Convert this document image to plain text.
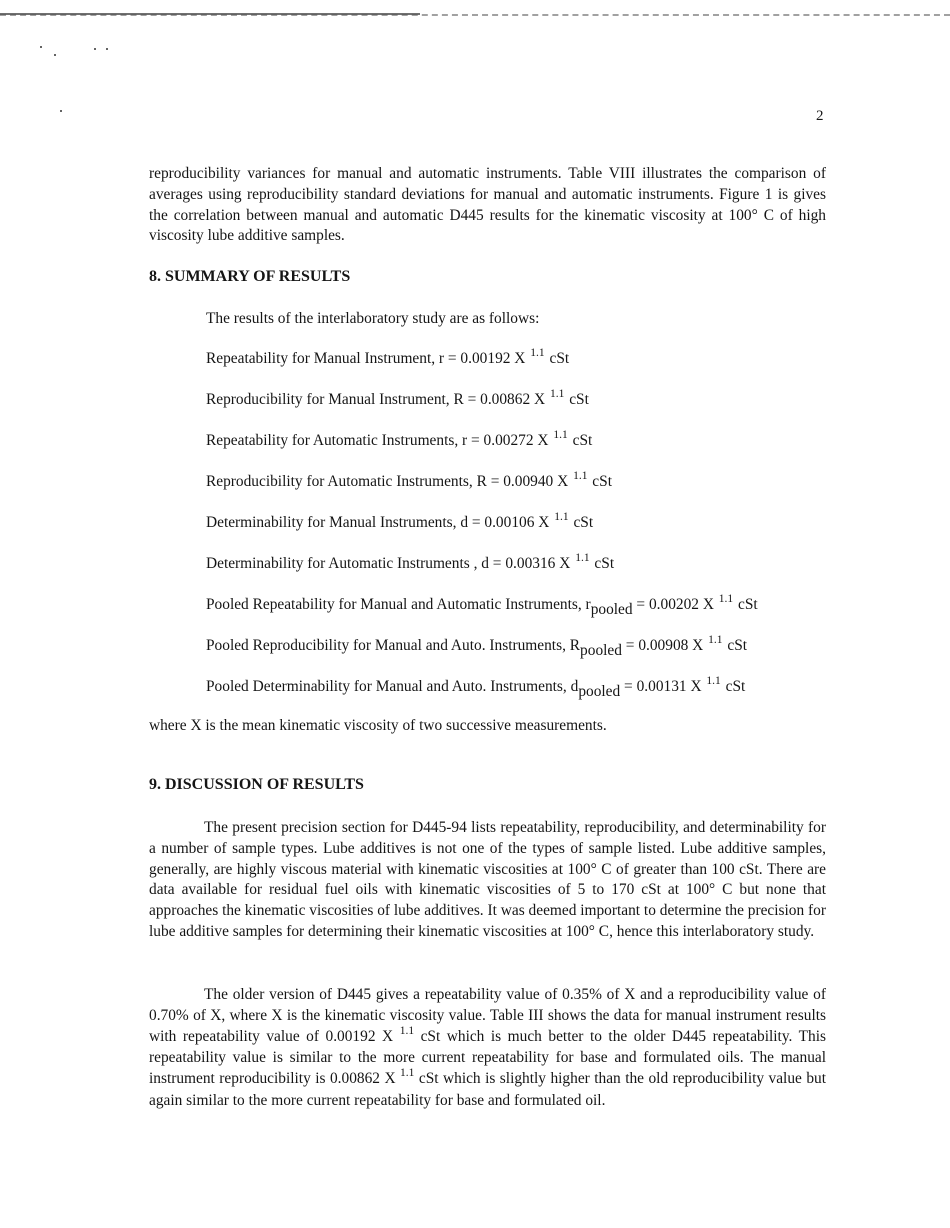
2

reproducibility variances for manual and automatic instruments. Table VIII illustrates the comparison of averages using reproducibility standard deviations for manual and automatic instruments. Figure 1 is gives the correlation between manual and automatic D445 results for the kinematic viscosity at 100° C of high viscosity lube additive samples.

8. SUMMARY OF RESULTS
The results of the interlaboratory study are as follows:
Repeatability for Manual Instrument, r = 0.00192 X $^{1.1}$ cSt
Reproducibility for Manual Instrument, R = 0.00862 X $^{1.1}$ cSt
Repeatability for Automatic Instruments, r = 0.00272 X $^{1.1}$ cSt
Reproducibility for Automatic Instruments, R = 0.00940 X $^{1.1}$ cSt
Determinability for Manual Instruments, d = 0.00106 X $^{1.1}$ cSt
Determinability for Automatic Instruments , d = 0.00316 X $^{1.1}$ cSt
Pooled Repeatability for Manual and Automatic Instruments, rpooled = 0.00202 X $^{1.1}$ cSt
Pooled Reproducibility for Manual and Auto. Instruments, Rpooled = 0.00908 X $^{1.1}$ cSt
Pooled Determinability for Manual and Auto. Instruments, dpooled = 0.00131 X $^{1.1}$ cSt
where X is the mean kinematic viscosity of two successive measurements.
9. DISCUSSION OF RESULTS

The present precision section for D445-94 lists repeatability, reproducibility, and determinability for a number of sample types. Lube additives is not one of the types of sample listed. Lube additive samples, generally, are highly viscous material with kinematic viscosities at 100° C of greater than 100 cSt. There are data available for residual fuel oils with kinematic viscosities of 5 to 170 cSt at 100° C but none that approaches the kinematic viscosities of lube additives. It was deemed important to determine the precision for lube additive samples for determining their kinematic viscosities at 100° C, hence this interlaboratory study.

The older version of D445 gives a repeatability value of 0.35% of X and a reproducibility value of 0.70% of X, where X is the kinematic viscosity value. Table III shows the data for manual instrument results with repeatability value of 0.00192 X $^{1.1}$ cSt which is much better to the older D445 repeatability. This repeatability value is similar to the more current repeatability for base and formulated oils. The manual instrument reproducibility is 0.00862 X $^{1.1}$ cSt which is slightly higher than the old reproducibility value but again similar to the more current repeatability for base and formulated oil.
